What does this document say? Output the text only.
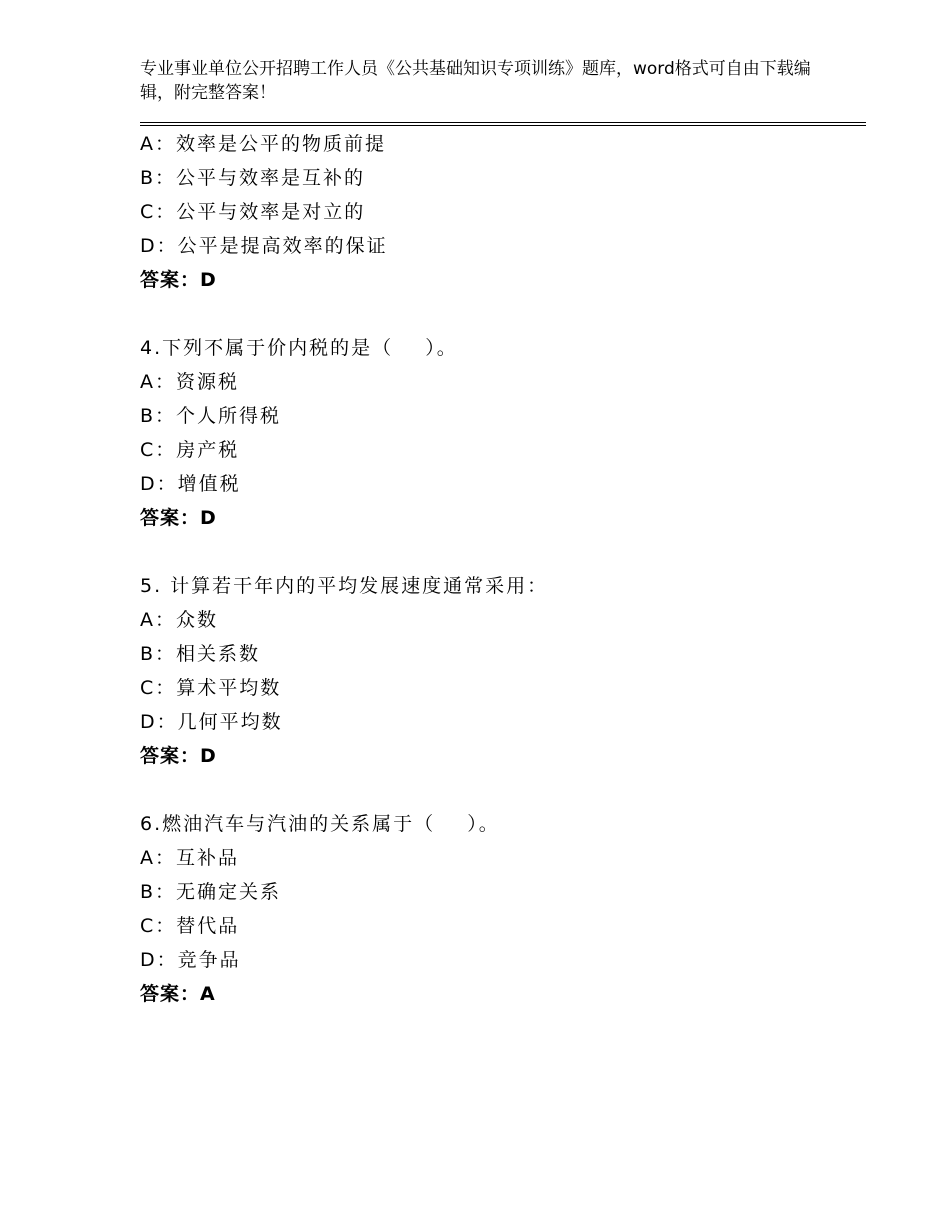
专业事业单位公开招聘工作人员《公共基础知识专项训练》题库，word格式可自由下载编辑，附完整答案！
A：效率是公平的物质前提
B：公平与效率是互补的
C：公平与效率是对立的
D：公平是提高效率的保证
答案：D
4.下列不属于价内税的是（    ）。
A：资源税
B：个人所得税
C：房产税
D：增值税
答案：D
5. 计算若干年内的平均发展速度通常采用：
A：众数
B：相关系数
C：算术平均数
D：几何平均数
答案：D
6.燃油汽车与汽油的关系属于（    ）。
A：互补品
B：无确定关系
C：替代品
D：竞争品
答案：A
